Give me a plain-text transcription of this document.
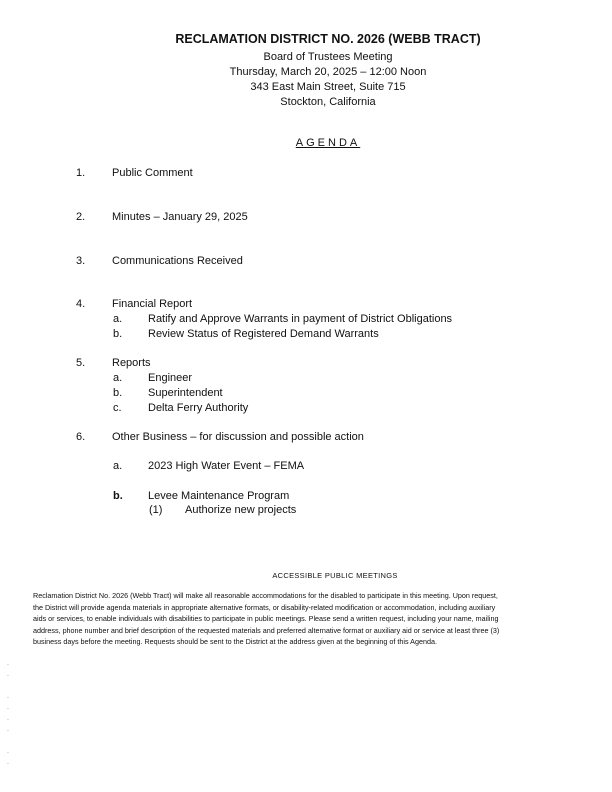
RECLAMATION DISTRICT NO. 2026 (WEBB TRACT)
Board of Trustees Meeting
Thursday, March 20, 2025 – 12:00 Noon
343 East Main Street, Suite 715
Stockton, California
AGENDA
1. Public Comment
2. Minutes – January 29, 2025
3. Communications Received
4. Financial Report
a. Ratify and Approve Warrants in payment of District Obligations
b. Review Status of Registered Demand Warrants
5. Reports
a. Engineer
b. Superintendent
c. Delta Ferry Authority
6. Other Business – for discussion and possible action
a. 2023 High Water Event – FEMA
b. Levee Maintenance Program
(1) Authorize new projects
ACCESSIBLE PUBLIC MEETINGS
Reclamation District No. 2026 (Webb Tract) will make all reasonable accommodations for the disabled to participate in this meeting. Upon request,
the District will provide agenda materials in appropriate alternative formats, or disability-related modification or accommodation, including auxiliary
aids or services, to enable individuals with disabilities to participate in public meetings. Please send a written request, including your name, mailing
address, phone number and brief description of the requested materials and preferred alternative format or auxiliary aid or service at least three (3)
business days before the meeting. Requests should be sent to the District at the address given at the beginning of this Agenda.
·
·

·
·
·
·

·
·
